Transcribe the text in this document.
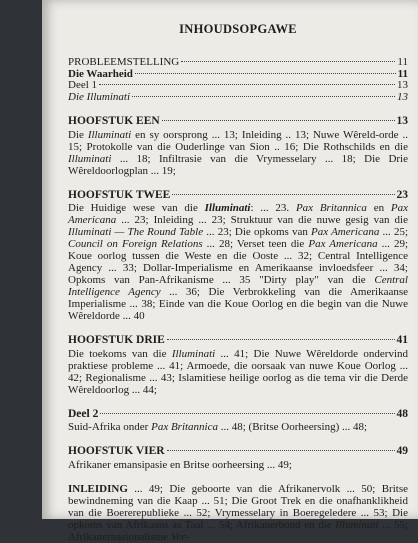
INHOUDSOPGAWE
PROBLEEMSTELLING	11
Die Waarheid	11
Deel 1	13
Die Illuminati	13
HOOFSTUK EEN	13

Die Illuminati en sy oorsprong ... 13; Inleiding .. 13; Nuwe Wêreld-orde .. 15; Protokolle van die Ouderlinge van Sion .. 16; Die Rothschilds en die Illuminati ... 18; Infiltrasie van die Vrymesselary ... 18; Die Drie Wêreldoorlogplan ... 19;

HOOFSTUK TWEE	23

Die Huidige wese van die Illuminati: ... 23. Pax Britannica en Pax Americana ... 23; Inleiding ... 23; Struktuur van die nuwe gesig van die Illuminati — The Round Table ... 23; Die opkoms van Pax Americana ... 25; Council on Foreign Relations ... 28; Verset teen die Pax Americana ... 29; Koue oorlog tussen die Weste en die Ooste ... 32; Central Intelligence Agency ... 33; Dollar-Imperialisme en Amerikaanse invloedsfeer ... 34; Opkoms van Pan-Afrikanisme ... 35 "Dirty play" van die Central Intelligence Agency ... 36; Die Verbrokkeling van die Amerikaanse Imperialisme ... 38; Einde van die Koue Oorlog en die begin van die Nuwe Wêreldorde ... 40

HOOFSTUK DRIE	41

Die toekoms van die Illuminati ... 41; Die Nuwe Wêreldorde ondervind praktiese probleme ... 41; Armoede, die oorsaak van nuwe Koue Oorlog ... 42; Regionalisme ... 43; Islamitiese heilige oorlog as die tema vir die Derde Wêreldoorlog ... 44;

Deel 2	48

Suid-Afrika onder Pax Britannica ... 48; (Britse Oorheersing) ... 48;

HOOFSTUK VIER	49

Afrikaner emansipasie en Britse oorheersing ... 49;

INLEIDING ... 49; Die geboorte van die Afrikanervolk ... 50; Britse bewindneming van die Kaap ... 51; Die Groot Trek en die onafhanklikheid van die Boererepublieke ... 52; Vrymesselary in Boeregeledere ... 53; Die opkoms van Afrikaans as Taal ... 54; Afrikanerbond en die Illuminati ... 55; Afrikanernasionalisme Ver-
